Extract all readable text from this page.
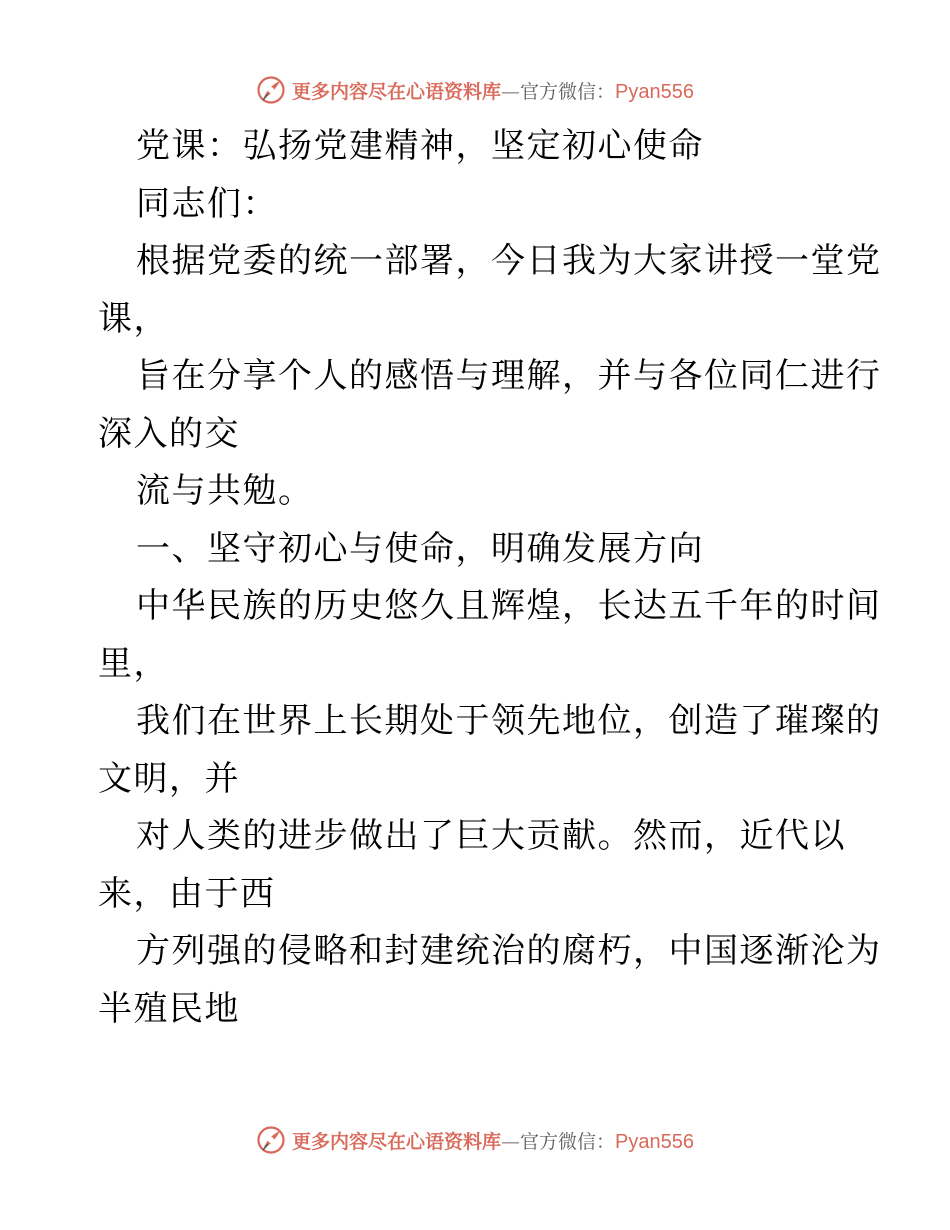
更多内容尽在心语资料库 — 官方微信： Pyan556
党课：弘扬党建精神，坚定初心使命
同志们：
根据党委的统一部署，今日我为大家讲授一堂党
课，
旨在分享个人的感悟与理解，并与各位同仁进行
深入的交
流与共勉。
一、坚守初心与使命，明确发展方向
中华民族的历史悠久且辉煌，长达五千年的时间
里，
我们在世界上长期处于领先地位，创造了璀璨的
文明，并
对人类的进步做出了巨大贡献。然而，近代以
来，由于西
方列强的侵略和封建统治的腐朽，中国逐渐沦为
半殖民地
更多内容尽在心语资料库 — 官方微信： Pyan556
